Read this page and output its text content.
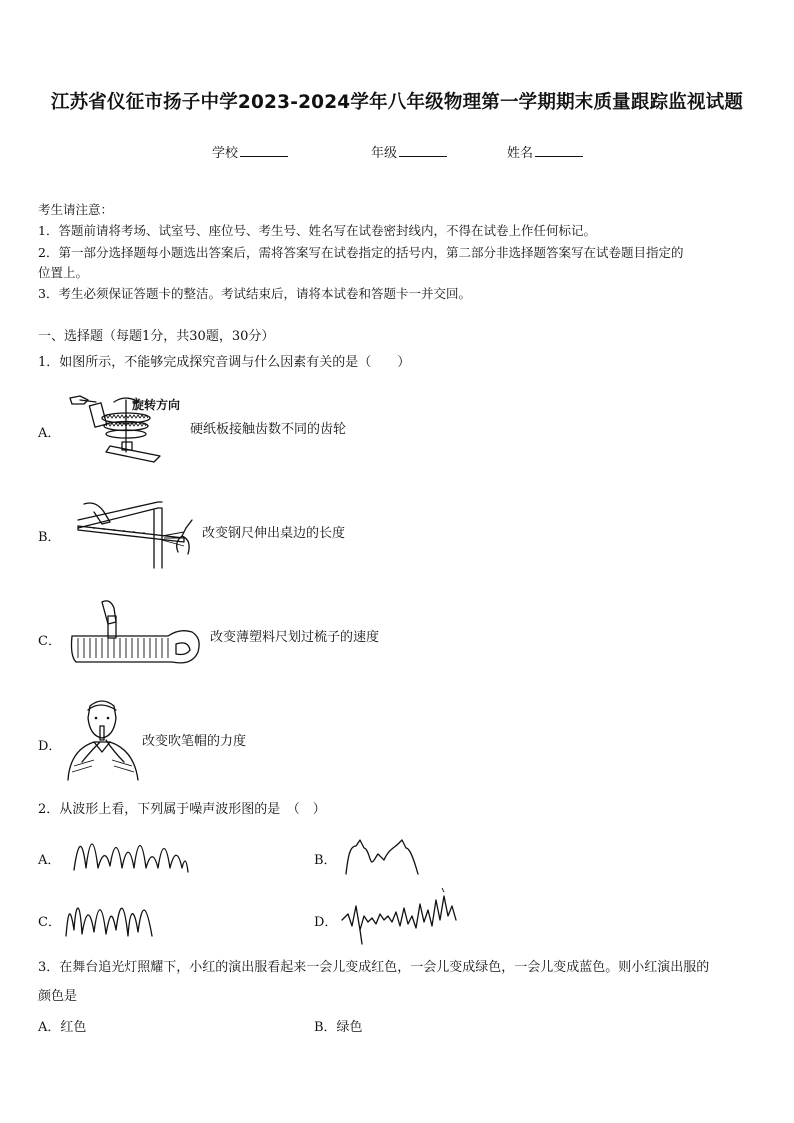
江苏省仪征市扬子中学2023-2024学年八年级物理第一学期期末质量跟踪监视试题
学校	年级	姓名
考生请注意：
1．答题前请将考场、试室号、座位号、考生号、姓名写在试卷密封线内，不得在试卷上作任何标记。
2．第一部分选择题每小题选出答案后，需将答案写在试卷指定的括号内，第二部分非选择题答案写在试卷题目指定的
位置上。
3．考生必须保证答题卡的整洁。考试结束后，请将本试卷和答题卡一并交回。
一、选择题（每题1分，共30题，30分）
1．如图所示，不能够完成探究音调与什么因素有关的是（　　）
A．
旋转方向
硬纸板接触齿数不同的齿轮
B．	改变钢尺伸出桌边的长度
C．	改变薄塑料尺划过梳子的速度
D．	改变吹笔帽的力度
2．从波形上看，下列属于噪声波形图的是　（　）
A．	B．
C．	D．
3．在舞台追光灯照耀下，小红的演出服看起来一会儿变成红色，一会儿变成绿色，一会儿变成蓝色。则小红演出服的
颜色是
A．红色	B．绿色
